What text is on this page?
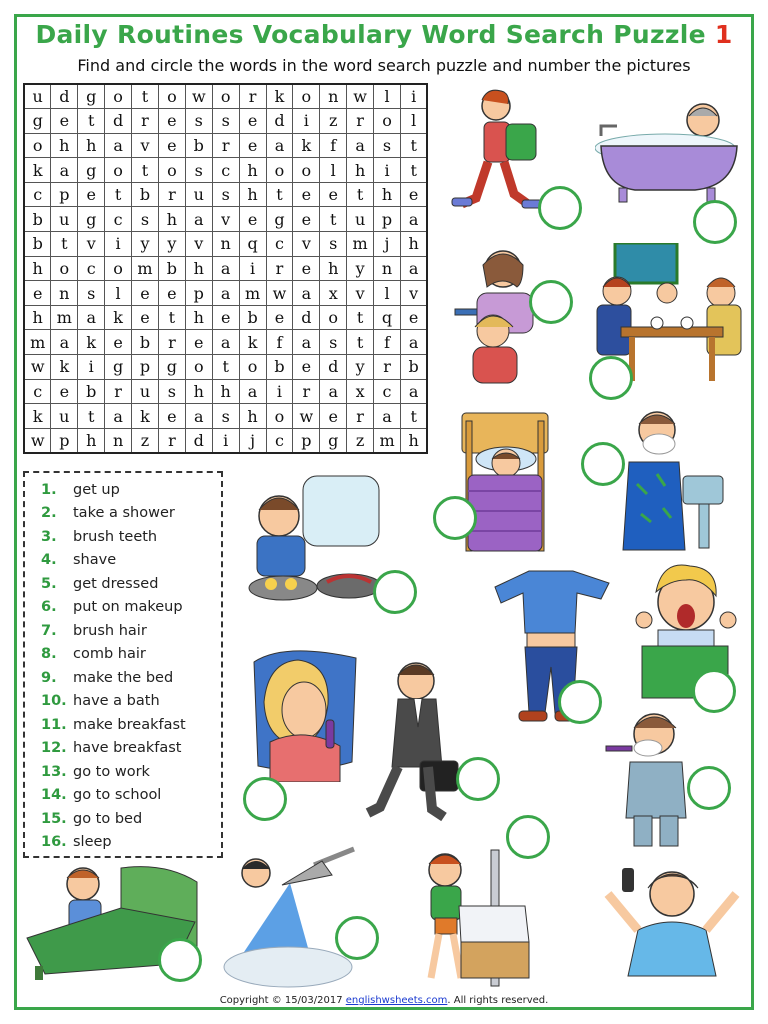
Daily Routines Vocabulary Word Search Puzzle 1
Find and circle the words in the word search puzzle and number the pictures
u	d	g	o	t	o	w	o	r	k	o	n	w	l	i
g	e	t	d	r	e	s	s	e	d	i	z	r	o	l
o	h	h	a	v	e	b	r	e	a	k	f	a	s	t
k	a	g	o	t	o	s	c	h	o	o	l	h	i	t
c	p	e	t	b	r	u	s	h	t	e	e	t	h	e
b	u	g	c	s	h	a	v	e	g	e	t	u	p	a
b	t	v	i	y	y	v	n	q	c	v	s	m	j	h
h	o	c	o	m	b	h	a	i	r	e	h	y	n	a
e	n	s	l	e	e	p	a	m	w	a	x	v	l	v
h	m	a	k	e	t	h	e	b	e	d	o	t	q	e
m	a	k	e	b	r	e	a	k	f	a	s	t	f	a
w	k	i	g	p	g	o	t	o	b	e	d	y	r	b
c	e	b	r	u	s	h	h	a	i	r	a	x	c	a
k	u	t	a	k	e	a	s	h	o	w	e	r	a	t
w	p	h	n	z	r	d	i	j	c	p	g	z	m	h
1.	get up
2.	take a shower
3.	brush teeth
4.	shave
5.	get dressed
6.	put on makeup
7.	brush hair
8.	comb hair
9.	make the bed
10. have a bath
11. make breakfast
12. have breakfast
13. go to work
14. go to school
15. go to bed
16. sleep
Copyright © 15/03/2017 englishwsheets.com. All rights reserved.
